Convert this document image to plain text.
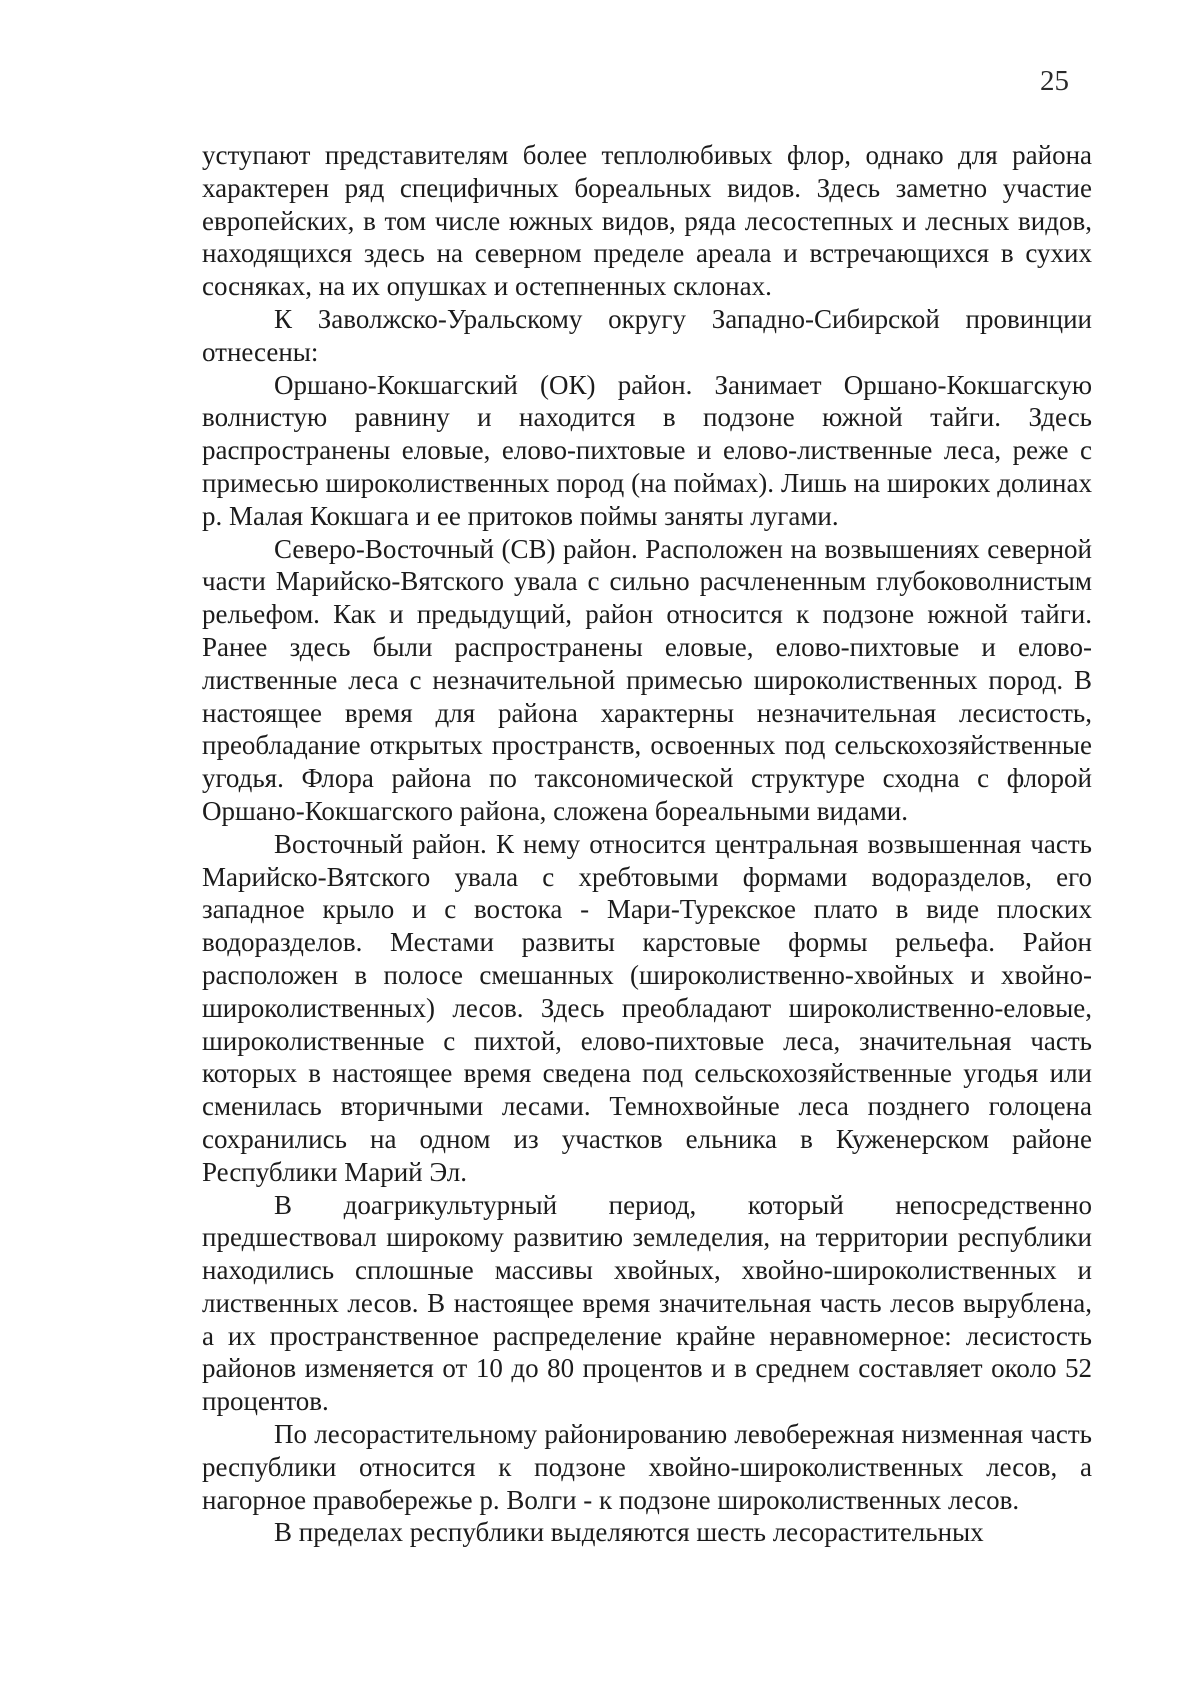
25

уступают представителям более теплолюбивых флор, однако для района характерен ряд специфичных бореальных видов. Здесь заметно участие европейских, в том числе южных видов, ряда лесостепных и лесных видов, находящихся здесь на северном пределе ареала и встречающихся в сухих сосняках, на их опушках и остепненных склонах.

К Заволжско-Уральскому округу Западно-Сибирской провинции отнесены:

Оршано-Кокшагский (ОК) район. Занимает Оршано-Кокшагскую волнистую равнину и находится в подзоне южной тайги. Здесь распространены еловые, елово-пихтовые и елово-лиственные леса, реже с примесью широколиственных пород (на поймах). Лишь на широких долинах р. Малая Кокшага и ее притоков поймы заняты лугами.

Северо-Восточный (СВ) район. Расположен на возвышениях северной части Марийско-Вятского увала с сильно расчлененным глубоковолнистым рельефом. Как и предыдущий, район относится к подзоне южной тайги. Ранее здесь были распространены еловые, елово-пихтовые и елово-лиственные леса с незначительной примесью широколиственных пород. В настоящее время для района характерны незначительная лесистость, преобладание открытых пространств, освоенных под сельскохозяйственные угодья. Флора района по таксономической структуре сходна с флорой Оршано-Кокшагского района, сложена бореальными видами.

Восточный район. К нему относится центральная возвышенная часть Марийско-Вятского увала с хребтовыми формами водоразделов, его западное крыло и с востока - Мари-Турекское плато в виде плоских водоразделов. Местами развиты карстовые формы рельефа. Район расположен в полосе смешанных (широколиственно-хвойных и хвойно-широколиственных) лесов. Здесь преобладают широколиственно-еловые, широколиственные с пихтой, елово-пихтовые леса, значительная часть которых в настоящее время сведена под сельскохозяйственные угодья или сменилась вторичными лесами. Темнохвойные леса позднего голоцена сохранились на одном из участков ельника в Куженерском районе Республики Марий Эл.

В доагрикультурный период, который непосредственно предшествовал широкому развитию земледелия, на территории республики находились сплошные массивы хвойных, хвойно-широколиственных и лиственных лесов. В настоящее время значительная часть лесов вырублена, а их пространственное распределение крайне неравномерное: лесистость районов изменяется от 10 до 80 процентов и в среднем составляет около 52 процентов.

По лесорастительному районированию левобережная низменная часть республики относится к подзоне хвойно-широколиственных лесов, а нагорное правобережье р. Волги - к подзоне широколиственных лесов.

В пределах республики выделяются шесть лесорастительных
